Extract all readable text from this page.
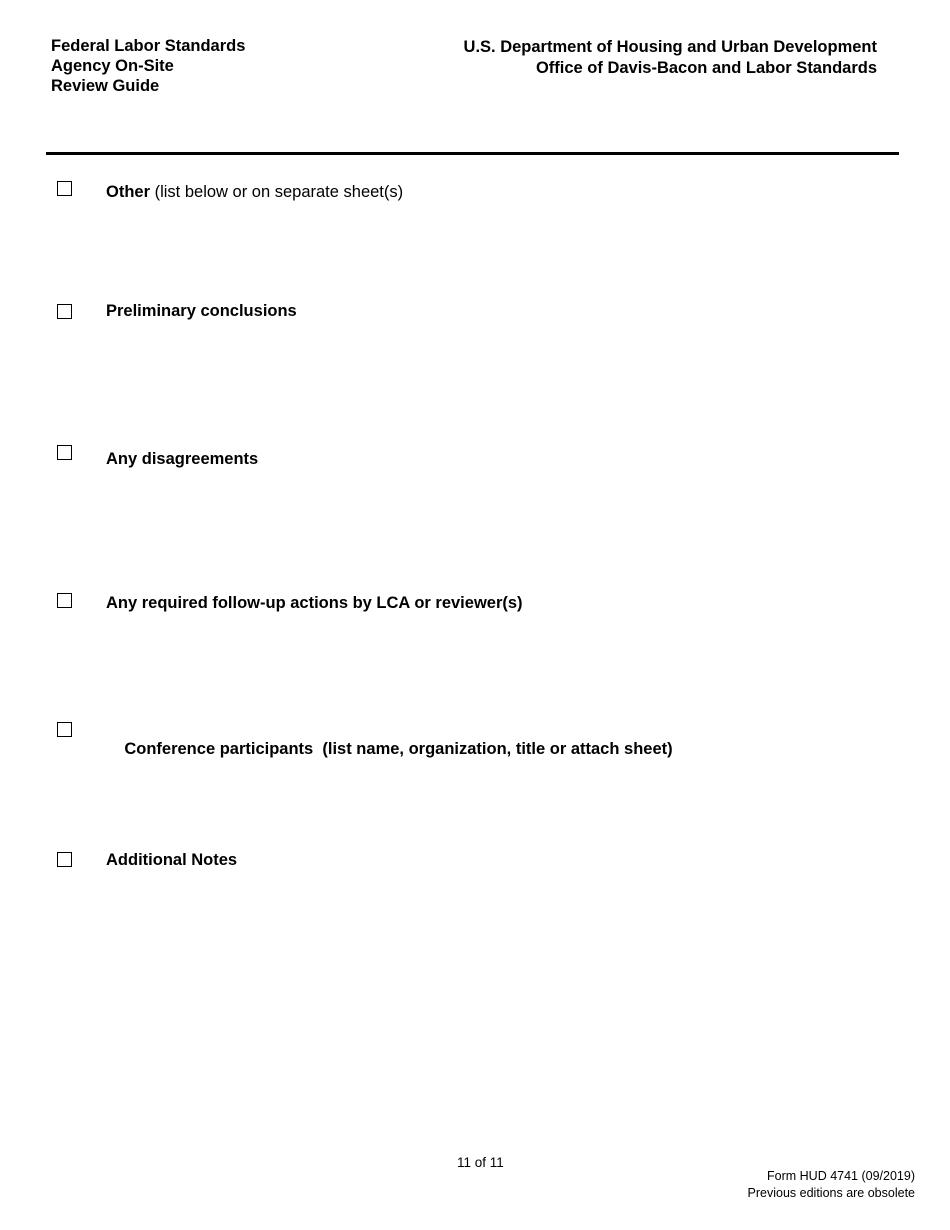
Federal Labor Standards
Agency On-Site
Review Guide
U.S. Department of Housing and Urban Development
Office of Davis-Bacon and Labor Standards
Other (list below or on separate sheet(s)
Preliminary conclusions
Any disagreements
Any required follow-up actions by LCA or reviewer(s)

Conference participants  (list name, organization, title or attach sheet)

Additional Notes
11 of 11
Form HUD 4741 (09/2019)
Previous editions are obsolete
